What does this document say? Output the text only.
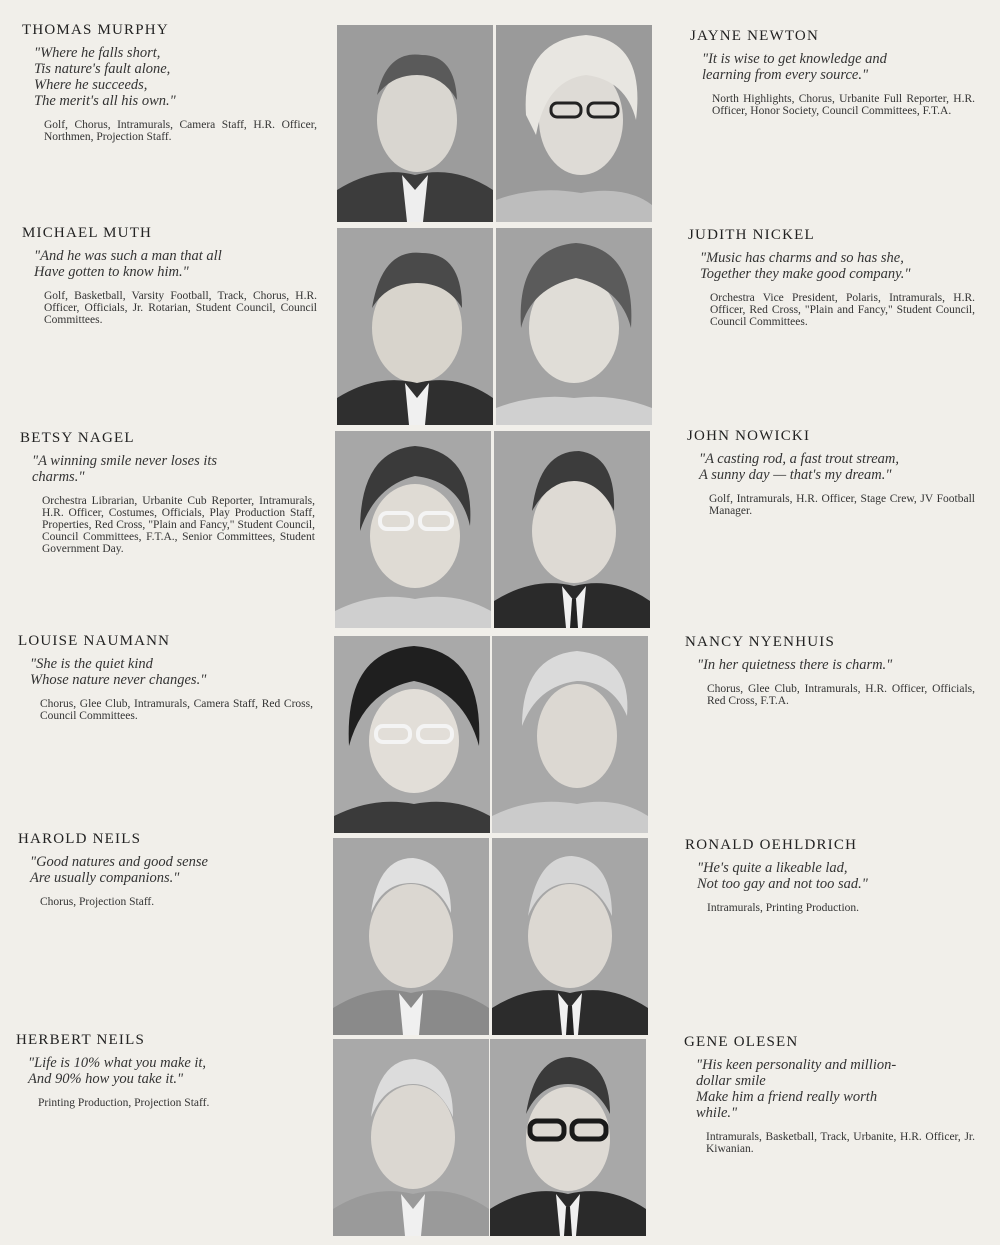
THOMAS MURPHY
"Where he falls short,
Tis nature's fault alone,
Where he succeeds,
The merit's all his own."
Golf, Chorus, Intramurals, Camera Staff, H.R. Officer, Northmen, Projection Staff.
MICHAEL MUTH
"And he was such a man that all
Have gotten to know him."
Golf, Basketball, Varsity Football, Track, Chorus, H.R. Officer, Officials, Jr. Rotarian, Student Council, Council Committees.
BETSY NAGEL
"A winning smile never loses its
charms."
Orchestra Librarian, Urbanite Cub Reporter, Intramurals, H.R. Officer, Costumes, Officials, Play Production Staff, Properties, Red Cross, "Plain and Fancy," Student Council, Council Committees, F.T.A., Senior Committees, Student Government Day.
LOUISE NAUMANN
"She is the quiet kind
Whose nature never changes."
Chorus, Glee Club, Intramurals, Camera Staff, Red Cross, Council Committees.
HAROLD NEILS
"Good natures and good sense
Are usually companions."
Chorus, Projection Staff.
HERBERT NEILS
"Life is 10% what you make it,
And 90% how you take it."
Printing Production, Projection Staff.
JAYNE NEWTON
"It is wise to get knowledge and
learning from every source."
North Highlights, Chorus, Urbanite Full Reporter, H.R. Officer, Honor Society, Council Committees, F.T.A.
JUDITH NICKEL
"Music has charms and so has she,
Together they make good company."
Orchestra Vice President, Polaris, Intramurals, H.R. Officer, Red Cross, "Plain and Fancy," Student Council, Council Committees.
JOHN NOWICKI
"A casting rod, a fast trout stream,
A sunny day — that's my dream."
Golf, Intramurals, H.R. Officer, Stage Crew, JV Football Manager.
NANCY NYENHUIS
"In her quietness there is charm."
Chorus, Glee Club, Intramurals, H.R. Officer, Officials, Red Cross, F.T.A.
RONALD OEHLDRICH
"He's quite a likeable lad,
Not too gay and not too sad."
Intramurals, Printing Production.
GENE OLESEN
"His keen personality and million-
dollar smile
Make him a friend really worth
while."
Intramurals, Basketball, Track, Urbanite, H.R. Officer, Jr. Kiwanian.
